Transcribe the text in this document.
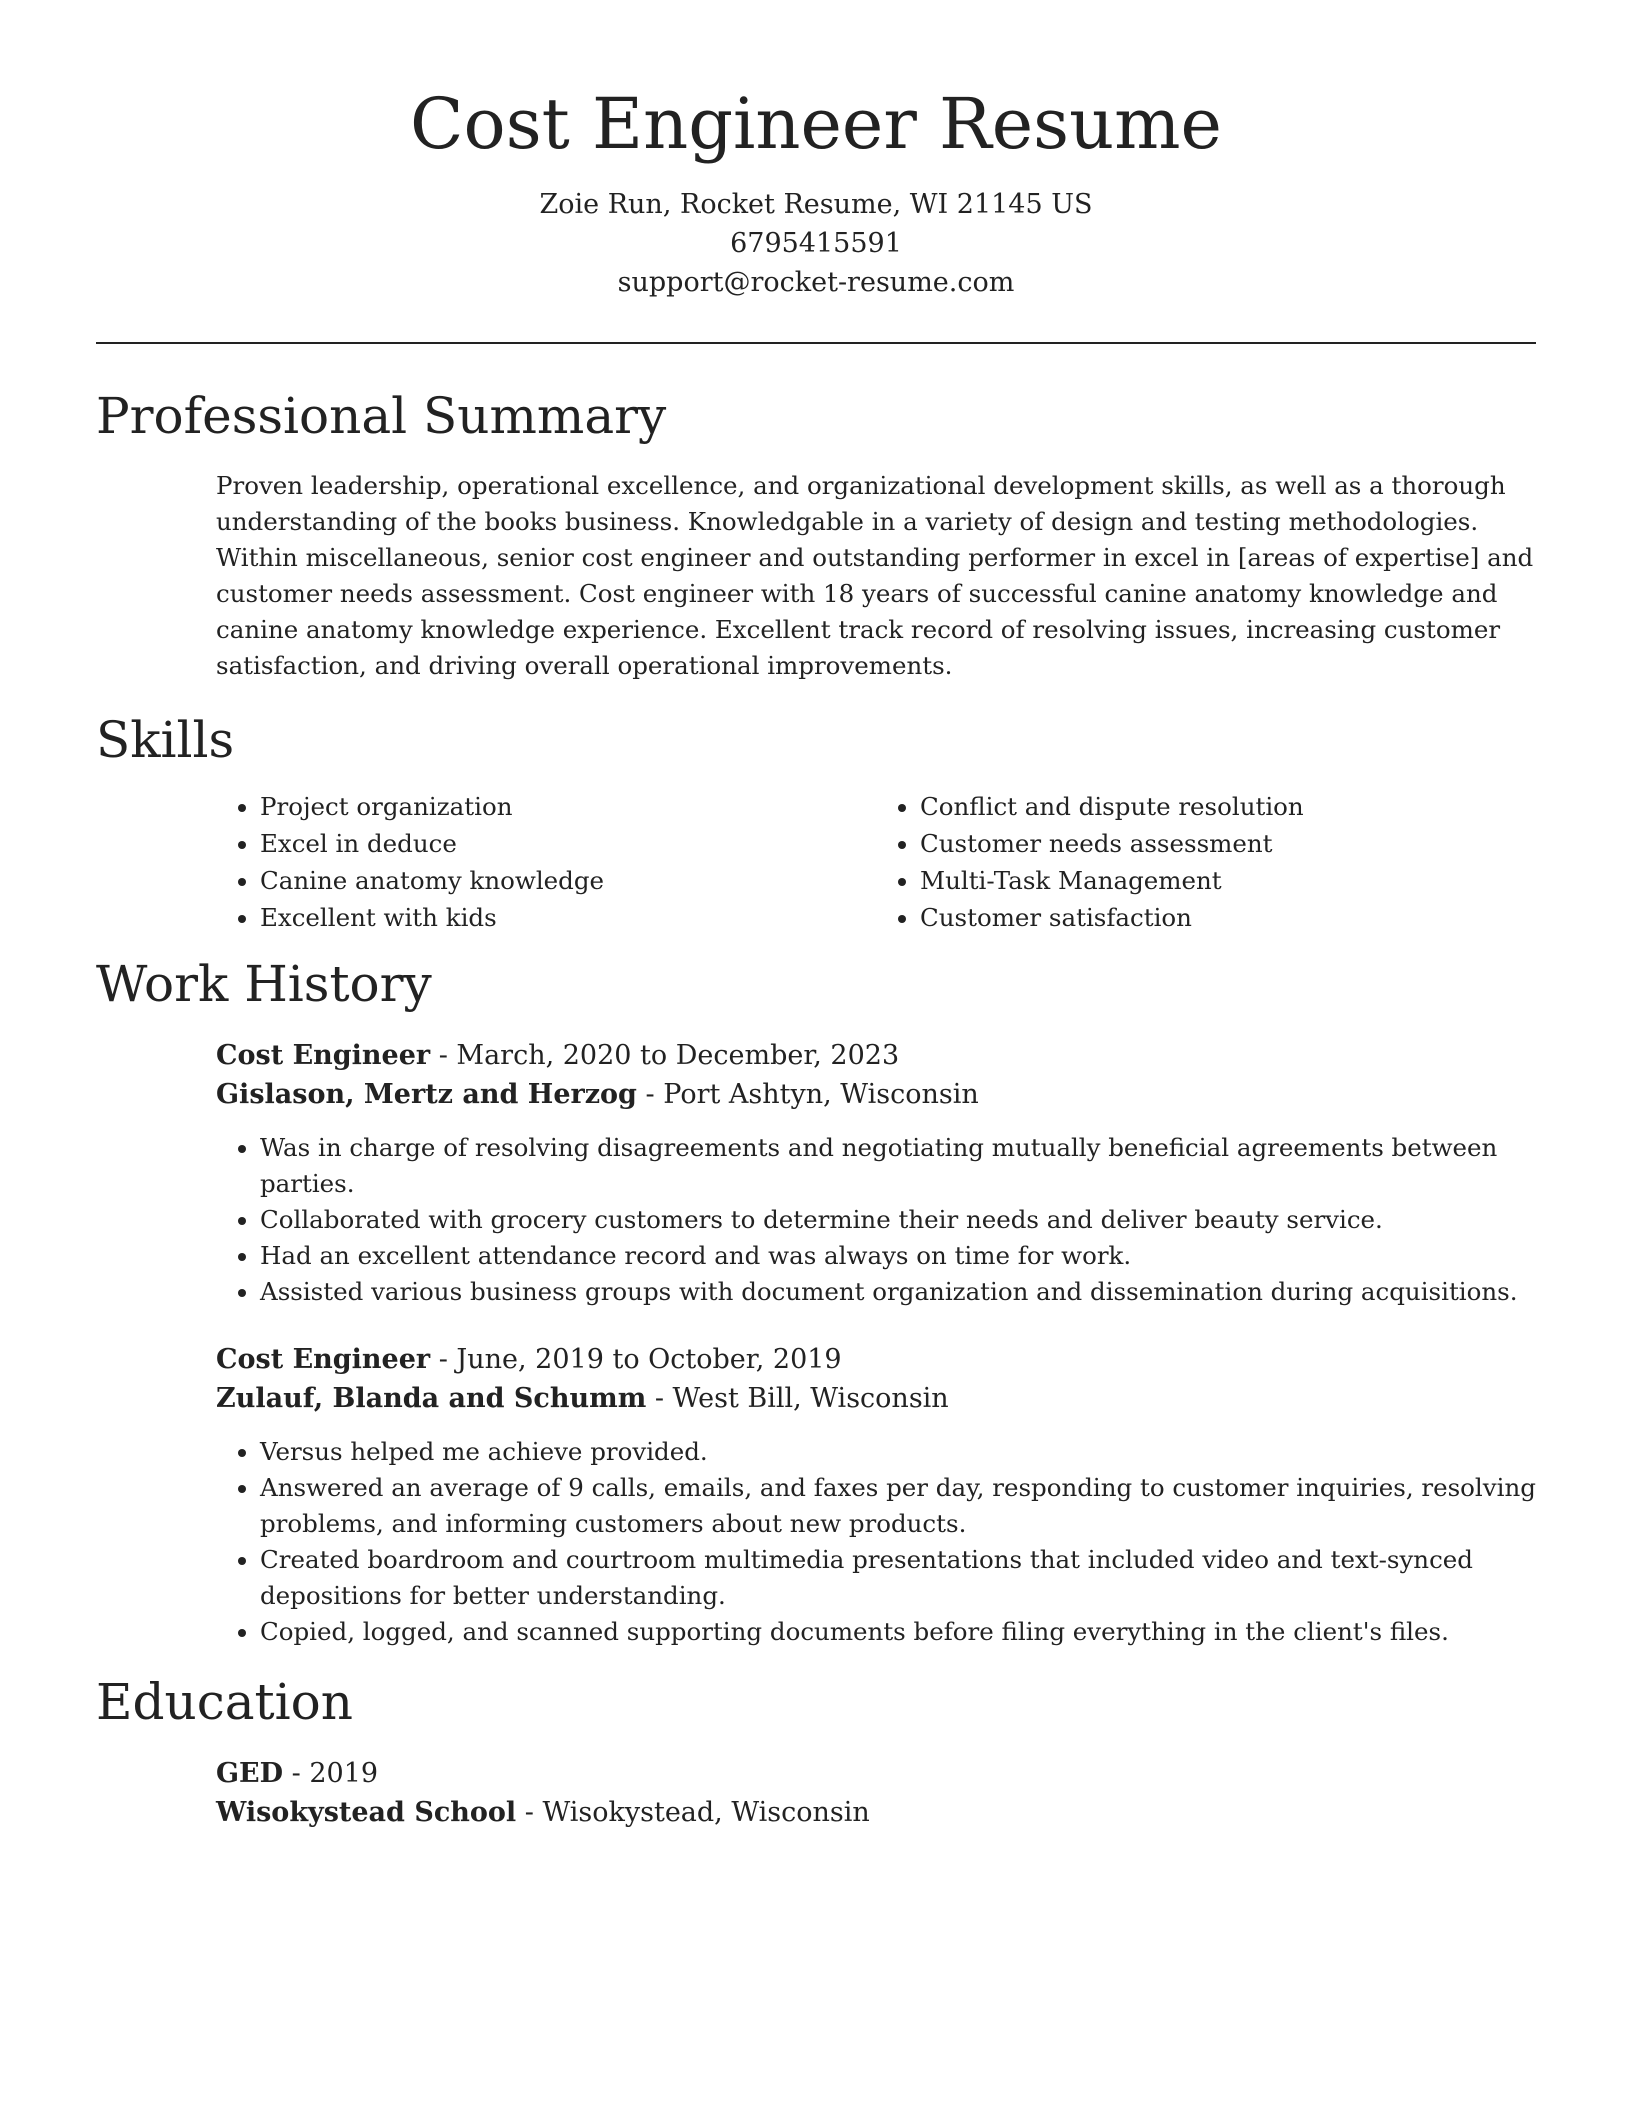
Cost Engineer Resume
Zoie Run, Rocket Resume, WI 21145 US
6795415591
support@rocket-resume.com
Professional Summary

Proven leadership, operational excellence, and organizational development skills, as well as a thorough understanding of the books business. Knowledgable in a variety of design and testing methodologies. Within miscellaneous, senior cost engineer and outstanding performer in excel in [areas of expertise] and customer needs assessment. Cost engineer with 18 years of successful canine anatomy knowledge and canine anatomy knowledge experience. Excellent track record of resolving issues, increasing customer satisfaction, and driving overall operational improvements.

Skills
• Project organization
• Excel in deduce
• Canine anatomy knowledge
• Excellent with kids
• Conflict and dispute resolution
• Customer needs assessment
• Multi-Task Management
• Customer satisfaction
Work History

Cost Engineer - March, 2020 to December, 2023

Gislason, Mertz and Herzog - Port Ashtyn, Wisconsin

• Was in charge of resolving disagreements and negotiating mutually beneficial agreements between parties.
• Collaborated with grocery customers to determine their needs and deliver beauty service.
• Had an excellent attendance record and was always on time for work.
• Assisted various business groups with document organization and dissemination during acquisitions.

Cost Engineer - June, 2019 to October, 2019

Zulauf, Blanda and Schumm - West Bill, Wisconsin

• Versus helped me achieve provided.
• Answered an average of 9 calls, emails, and faxes per day, responding to customer inquiries, resolving problems, and informing customers about new products.
• Created boardroom and courtroom multimedia presentations that included video and text-synced depositions for better understanding.
• Copied, logged, and scanned supporting documents before filing everything in the client's files.
Education

GED - 2019

Wisokystead School - Wisokystead, Wisconsin
